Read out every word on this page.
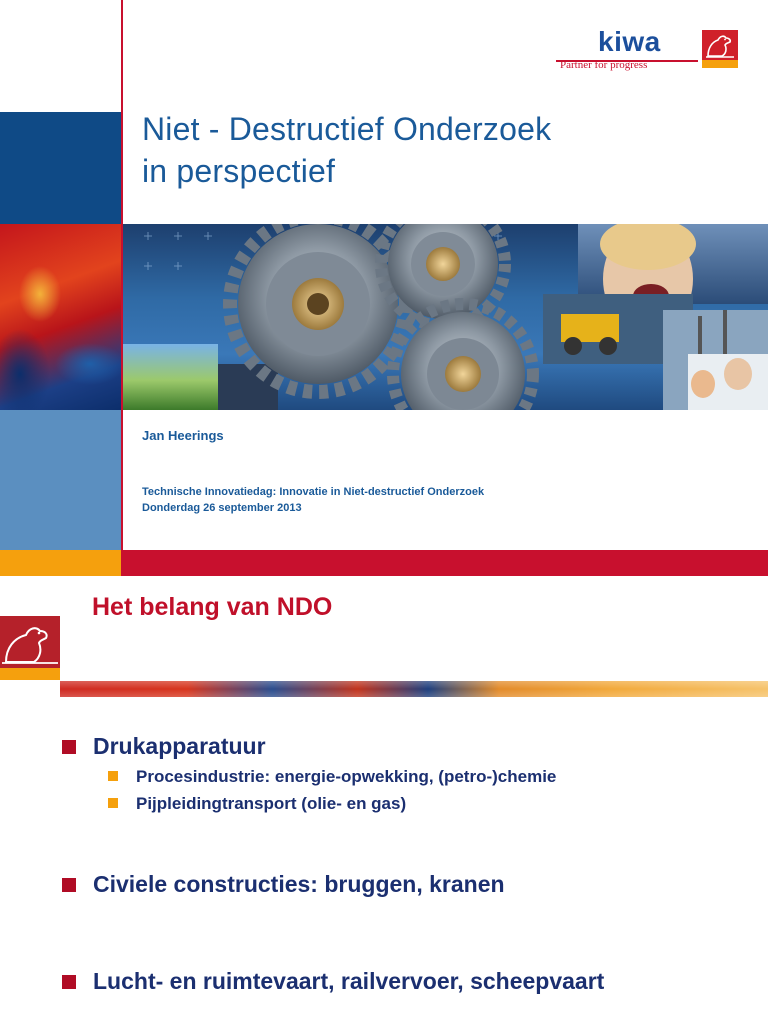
kiwa
Partner for progress
Niet - Destructief Onderzoek
in perspectief
Jan Heerings
Technische Innovatiedag: Innovatie in Niet-destructief Onderzoek
Donderdag 26 september 2013
Het belang van NDO
Drukapparatuur
Procesindustrie: energie-opwekking, (petro-)chemie
Pijpleidingtransport (olie- en gas)
Civiele constructies: bruggen, kranen
Lucht- en ruimtevaart, railvervoer, scheepvaart
